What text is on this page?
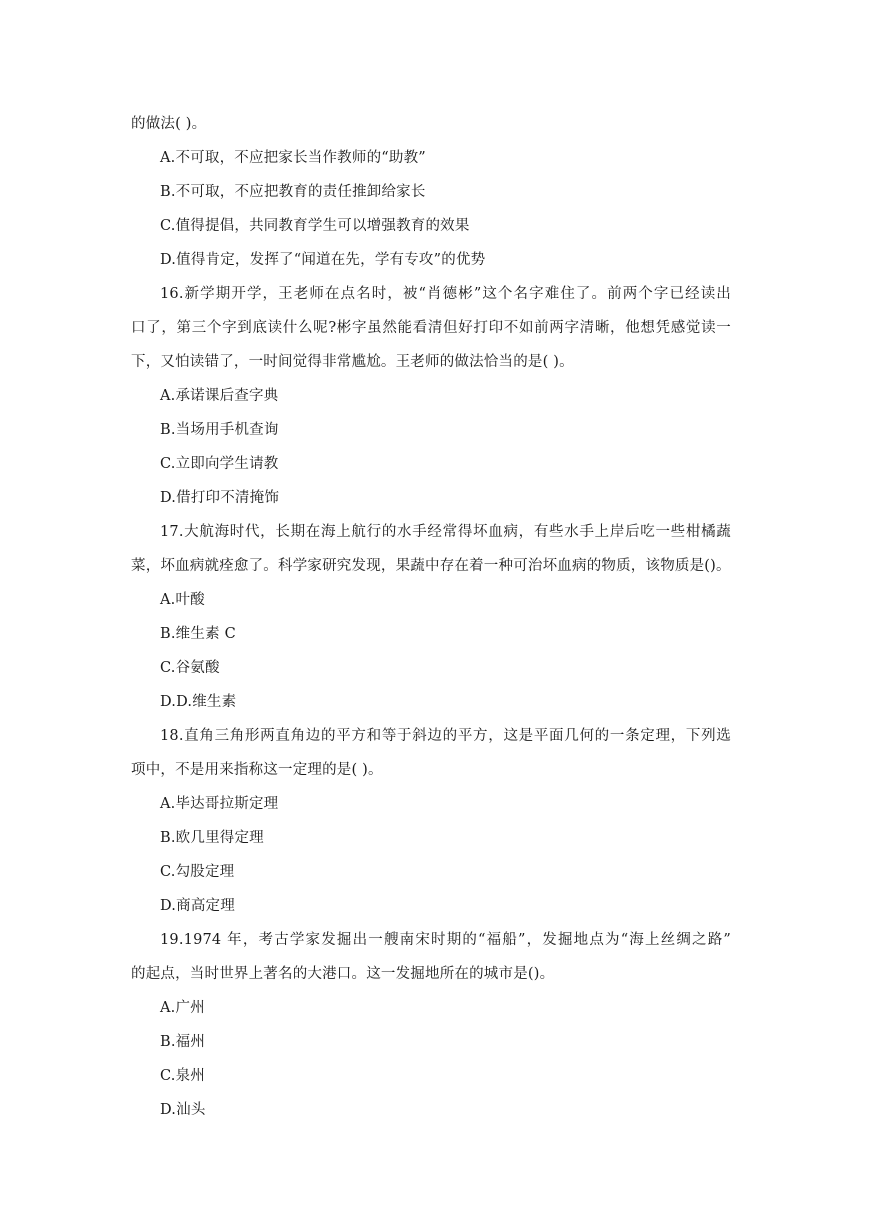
的做法( )。
A.不可取，不应把家长当作教师的“助教”
B.不可取，不应把教育的责任推卸给家长
C.值得提倡，共同教育学生可以增强教育的效果
D.值得肯定，发挥了“闻道在先，学有专攻”的优势
16.新学期开学，王老师在点名时，被“肖德彬”这个名字难住了。前两个字已经读出
口了，第三个字到底读什么呢?彬字虽然能看清但好打印不如前两字清晰，他想凭感觉读一
下，又怕读错了，一时间觉得非常尴尬。王老师的做法恰当的是( )。
A.承诺课后查字典
B.当场用手机查询
C.立即向学生请教
D.借打印不清掩饰
17.大航海时代，长期在海上航行的水手经常得坏血病，有些水手上岸后吃一些柑橘蔬
菜，坏血病就痊愈了。科学家研究发现，果蔬中存在着一种可治坏血病的物质，该物质是()。
A.叶酸
B.维生素 C
C.谷氨酸
D.D.维生素
18.直角三角形两直角边的平方和等于斜边的平方，这是平面几何的一条定理，下列选
项中，不是用来指称这一定理的是( )。
A.毕达哥拉斯定理
B.欧几里得定理
C.勾股定理
D.商高定理
19.1974 年，考古学家发掘出一艘南宋时期的“福船”，发掘地点为“海上丝绸之路”
的起点，当时世界上著名的大港口。这一发掘地所在的城市是()。
A.广州
B.福州
C.泉州
D.汕头
